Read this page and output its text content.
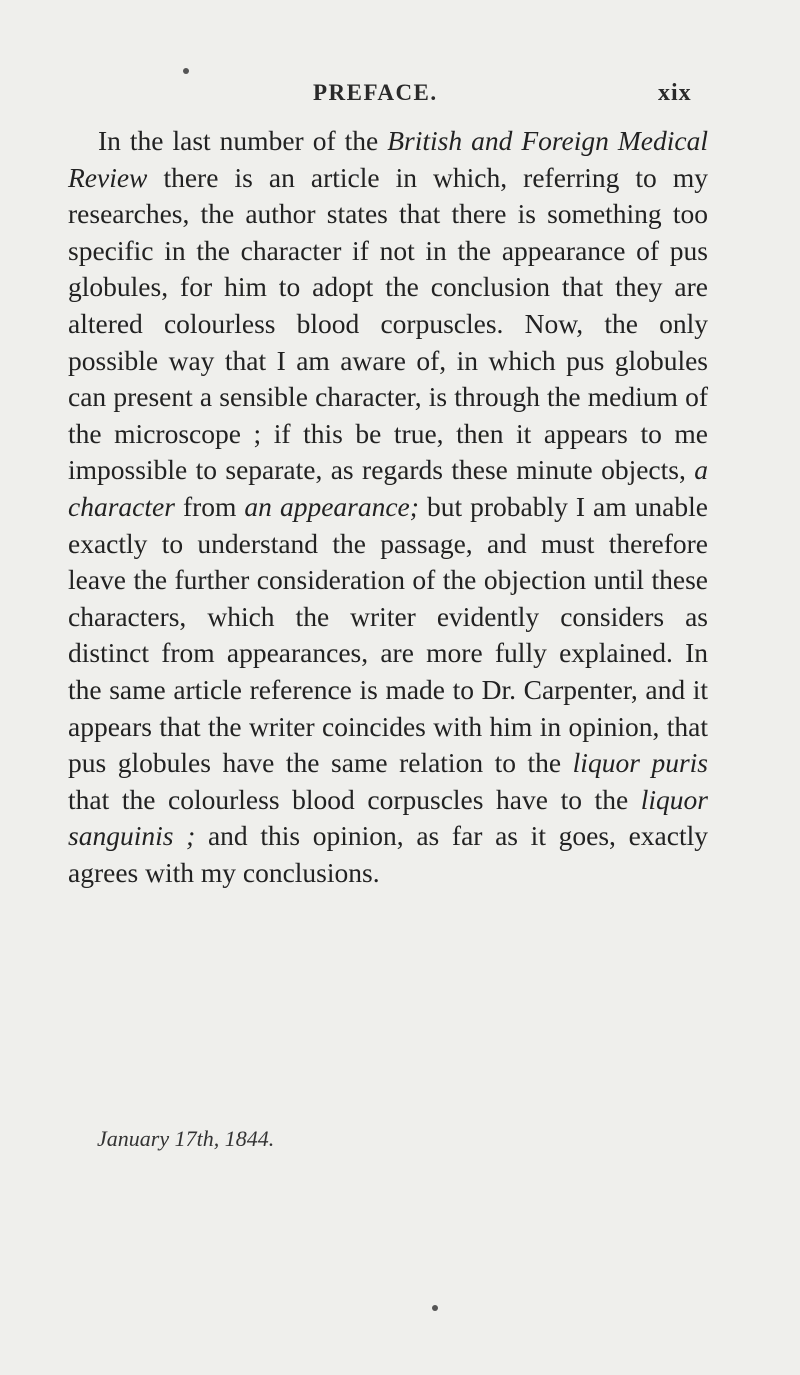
PREFACE.	xix

In the last number of the British and Foreign Medical Review there is an article in which, referring to my researches, the author states that there is something too specific in the character if not in the appearance of pus globules, for him to adopt the conclusion that they are altered colourless blood corpuscles. Now, the only possible way that I am aware of, in which pus globules can present a sensible character, is through the medium of the microscope ; if this be true, then it appears to me impossible to separate, as regards these minute objects, a character from an appearance; but probably I am unable exactly to understand the passage, and must therefore leave the further consideration of the objection until these characters, which the writer evidently considers as distinct from appearances, are more fully explained. In the same article reference is made to Dr. Carpenter, and it appears that the writer coincides with him in opinion, that pus globules have the same relation to the liquor puris that the colourless blood corpuscles have to the liquor sanguinis ; and this opinion, as far as it goes, exactly agrees with my conclusions.

January 17th, 1844.
